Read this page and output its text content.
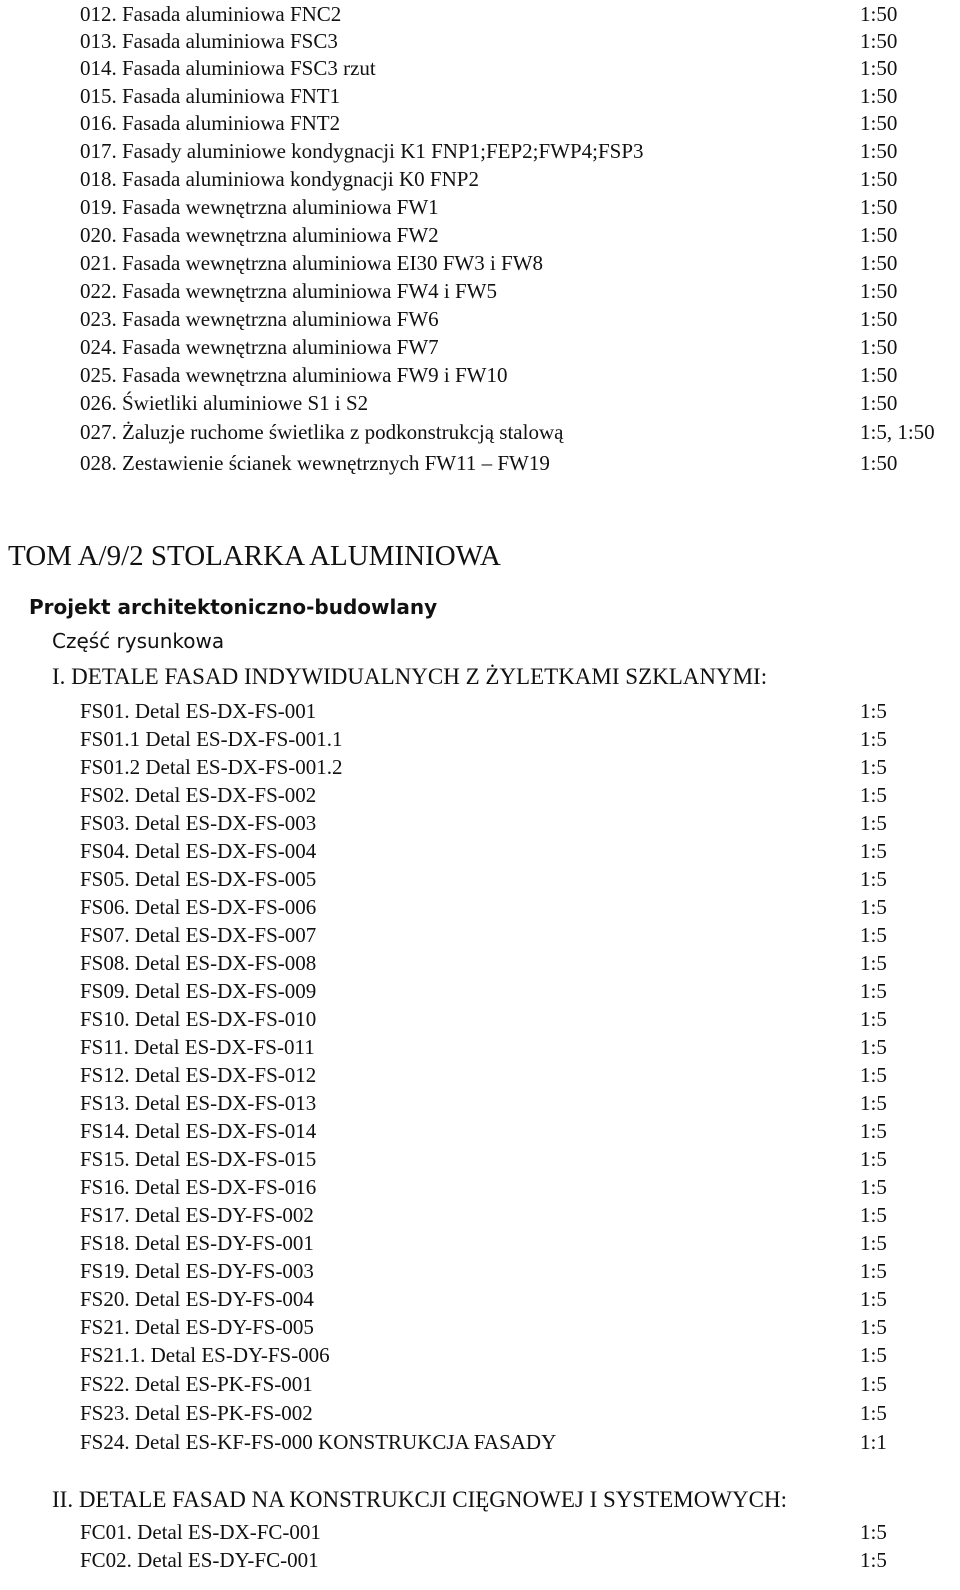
012. Fasada aluminiowa FNC2	1:50
013. Fasada aluminiowa FSC3	1:50
014. Fasada aluminiowa FSC3 rzut	1:50
015. Fasada aluminiowa FNT1	1:50
016. Fasada aluminiowa FNT2	1:50
017. Fasady aluminiowe kondygnacji K1 FNP1;FEP2;FWP4;FSP3	1:50
018. Fasada aluminiowa kondygnacji K0 FNP2	1:50
019. Fasada wewnętrzna aluminiowa FW1	1:50
020. Fasada wewnętrzna aluminiowa FW2	1:50
021. Fasada wewnętrzna aluminiowa EI30 FW3 i FW8	1:50
022. Fasada wewnętrzna aluminiowa FW4 i FW5	1:50
023. Fasada wewnętrzna aluminiowa FW6	1:50
024. Fasada wewnętrzna aluminiowa FW7	1:50
025. Fasada wewnętrzna aluminiowa FW9 i FW10	1:50
026. Świetliki aluminiowe S1 i S2	1:50
027. Żaluzje ruchome świetlika z podkonstrukcją stalową	1:5, 1:50
028. Zestawienie ścianek wewnętrznych FW11 – FW19	1:50
TOM A/9/2 STOLARKA ALUMINIOWA
Projekt architektoniczno-budowlany
Część rysunkowa
I. DETALE FASAD INDYWIDUALNYCH Z ŻYLETKAMI SZKLANYMI:
FS01. Detal ES-DX-FS-001	1:5
FS01.1 Detal ES-DX-FS-001.1	1:5
FS01.2 Detal ES-DX-FS-001.2	1:5
FS02. Detal ES-DX-FS-002	1:5
FS03. Detal ES-DX-FS-003	1:5
FS04. Detal ES-DX-FS-004	1:5
FS05. Detal ES-DX-FS-005	1:5
FS06. Detal ES-DX-FS-006	1:5
FS07. Detal ES-DX-FS-007	1:5
FS08. Detal ES-DX-FS-008	1:5
FS09. Detal ES-DX-FS-009	1:5
FS10. Detal ES-DX-FS-010	1:5
FS11. Detal ES-DX-FS-011	1:5
FS12. Detal ES-DX-FS-012	1:5
FS13. Detal ES-DX-FS-013	1:5
FS14. Detal ES-DX-FS-014	1:5
FS15. Detal ES-DX-FS-015	1:5
FS16. Detal ES-DX-FS-016	1:5
FS17. Detal ES-DY-FS-002	1:5
FS18. Detal ES-DY-FS-001	1:5
FS19. Detal ES-DY-FS-003	1:5
FS20. Detal ES-DY-FS-004	1:5
FS21. Detal ES-DY-FS-005	1:5
FS21.1. Detal ES-DY-FS-006	1:5
FS22. Detal ES-PK-FS-001	1:5
FS23. Detal ES-PK-FS-002	1:5
FS24. Detal ES-KF-FS-000 KONSTRUKCJA FASADY	1:1
II. DETALE FASAD NA KONSTRUKCJI CIĘGNOWEJ I SYSTEMOWYCH:
FC01. Detal ES-DX-FC-001	1:5
FC02. Detal ES-DY-FC-001	1:5
